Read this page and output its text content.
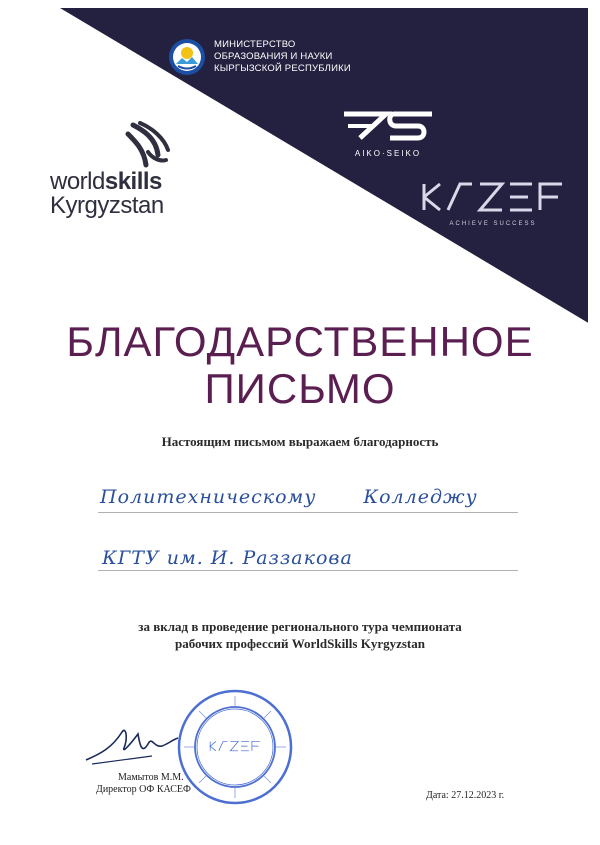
МИНИСТЕРСТВО
ОБРАЗОВАНИЯ И НАУКИ
КЫРГЫЗСКОЙ РЕСПУБЛИКИ
worldskills
Kyrgyzstan
AIKO·SEIKO
ACHIEVE SUCCESS
БЛАГОДАРСТВЕННОЕ
ПИСЬМО
Настоящим письмом выражаем благодарность
Политехническому Колледжу
КГТУ им. И. Раззакова
за вклад в проведение регионального тура чемпионата
рабочих профессий WorldSkills Kyrgyzstan
Мамытов М.М.
Директор ОФ КАСЕФ
Дата: 27.12.2023 г.
